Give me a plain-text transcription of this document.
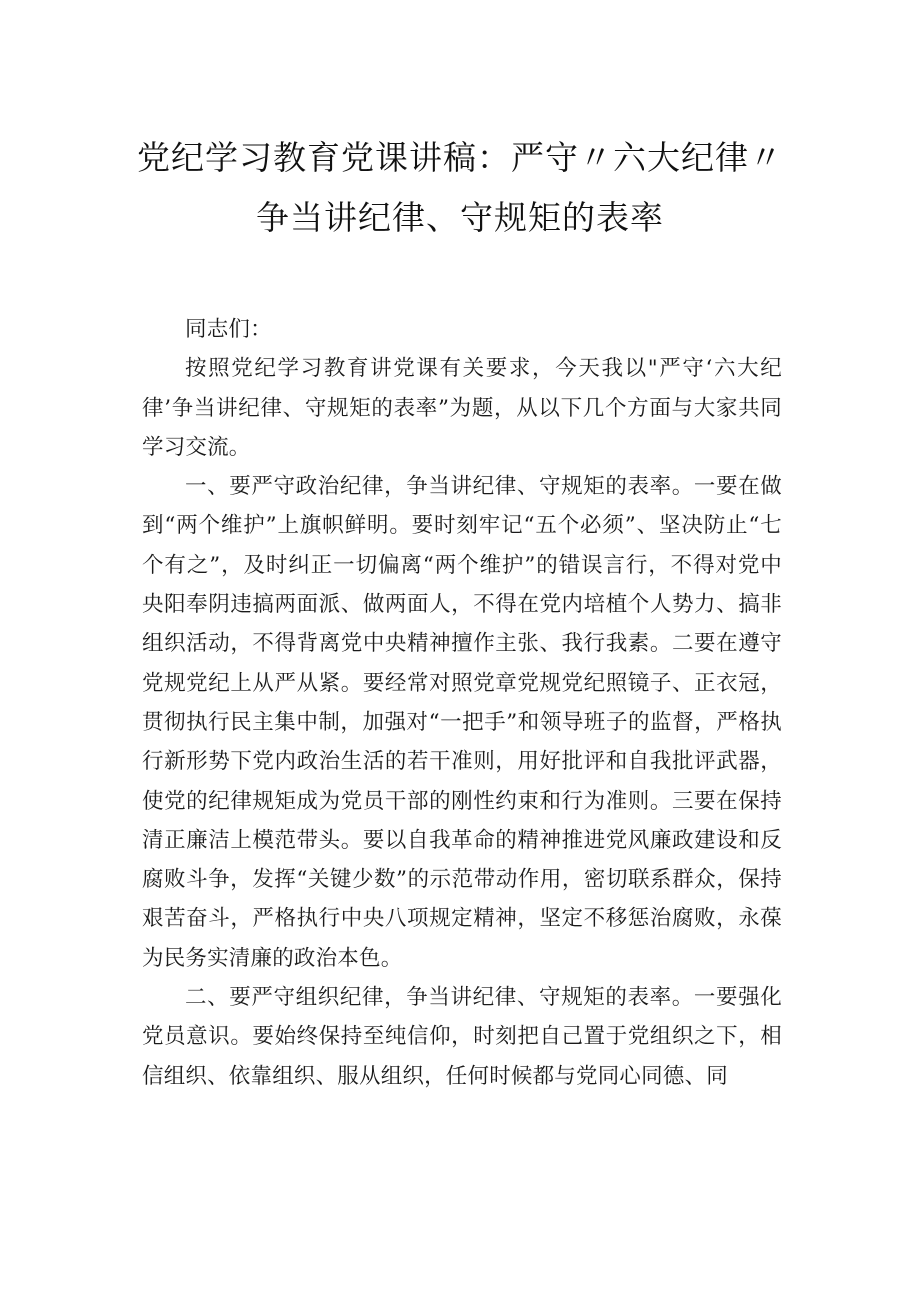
党纪学习教育党课讲稿：严守〃六大纪律〃
争当讲纪律、守规矩的表率

同志们：

按照党纪学习教育讲党课有关要求，今天我以"严守‘六大纪律’争当讲纪律、守规矩的表率”为题，从以下几个方面与大家共同学习交流。

一、要严守政治纪律，争当讲纪律、守规矩的表率。一要在做到“两个维护”上旗帜鲜明。要时刻牢记“五个必须”、坚决防止“七个有之”，及时纠正一切偏离“两个维护”的错误言行，不得对党中央阳奉阴违搞两面派、做两面人，不得在党内培植个人势力、搞非组织活动，不得背离党中央精神擅作主张、我行我素。二要在遵守党规党纪上从严从紧。要经常对照党章党规党纪照镜子、正衣冠，贯彻执行民主集中制，加强对“一把手”和领导班子的监督，严格执行新形势下党内政治生活的若干准则，用好批评和自我批评武器，使党的纪律规矩成为党员干部的刚性约束和行为准则。三要在保持清正廉洁上模范带头。要以自我革命的精神推进党风廉政建设和反腐败斗争，发挥“关键少数”的示范带动作用，密切联系群众，保持艰苦奋斗，严格执行中央八项规定精神，坚定不移惩治腐败，永葆为民务实清廉的政治本色。

二、要严守组织纪律，争当讲纪律、守规矩的表率。一要强化党员意识。要始终保持至纯信仰，时刻把自己置于党组织之下，相信组织、依靠组织、服从组织，任何时候都与党同心同德、同
